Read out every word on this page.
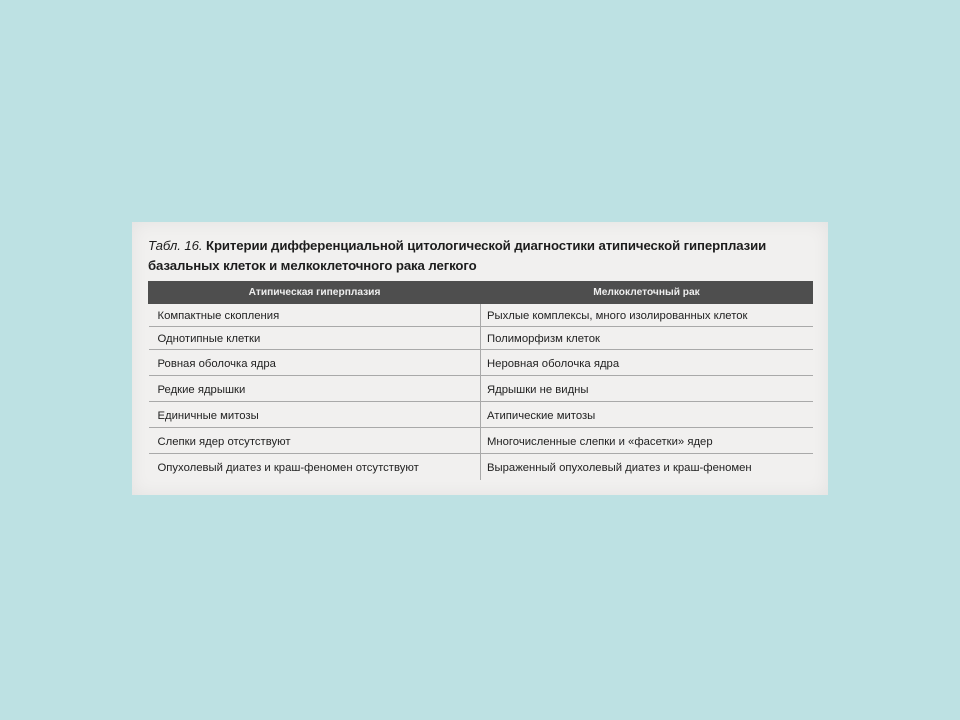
Табл. 16. Критерии дифференциальной цитологической диагностики атипической гиперплазии базальных клеток и мелкоклеточного рака легкого
Атипическая гиперплазия	Мелкоклеточный рак
Компактные скопления	Рыхлые комплексы, много изолированных клеток
Однотипные клетки	Полиморфизм клеток
Ровная оболочка ядра	Неровная оболочка ядра
Редкие ядрышки	Ядрышки не видны
Единичные митозы	Атипические митозы
Слепки ядер отсутствуют	Многочисленные слепки и «фасетки» ядер
Опухолевый диатез и краш-феномен отсутствуют	Выраженный опухолевый диатез и краш-феномен
